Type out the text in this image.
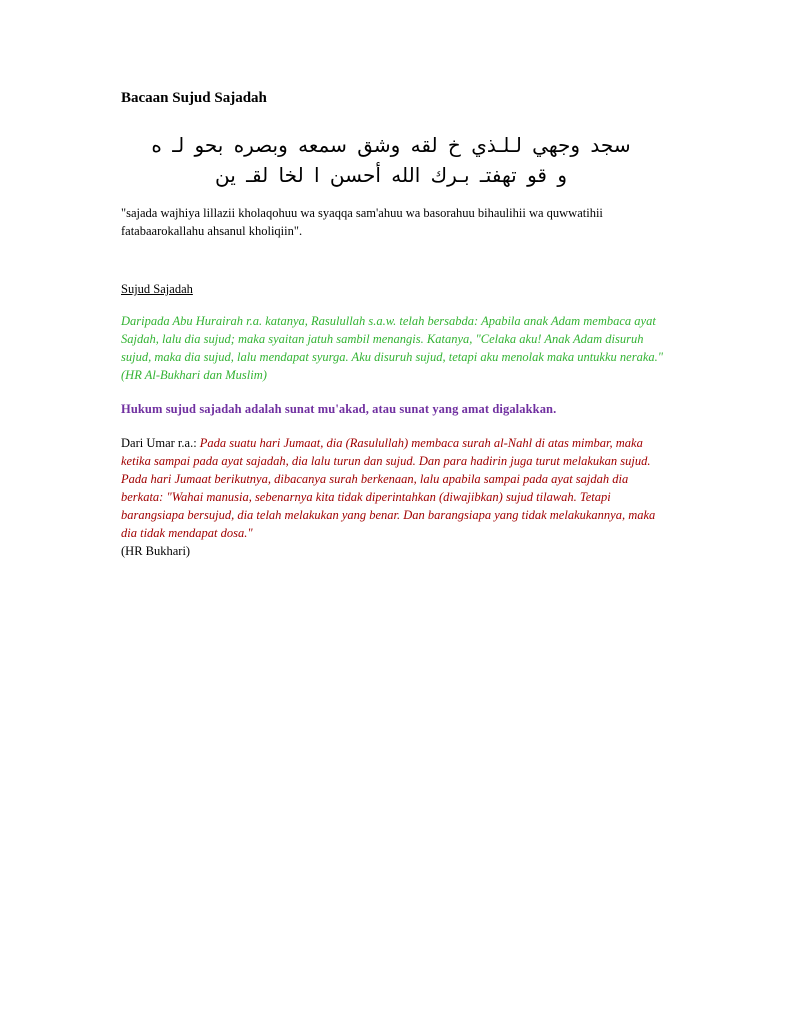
Bacaan Sujud Sajadah
سجد وجهي لـلـذي خ لقه وشق سمعه وبصره بحو لـ ه
و قو تهفتـ بـرك الله أحسن ا لخا لقـ ين

"sajada wajhiya lillazii kholaqohuu wa syaqqa sam'ahuu wa basorahuu bihaulihii wa quwwatihii fatabaarokallahu ahsanul kholiqiin".

Sujud Sajadah

Daripada Abu Hurairah r.a. katanya, Rasulullah s.a.w. telah bersabda: Apabila anak Adam membaca ayat Sajdah, lalu dia sujud; maka syaitan jatuh sambil menangis. Katanya, "Celaka aku! Anak Adam disuruh sujud, maka dia sujud, lalu mendapat syurga. Aku disuruh sujud, tetapi aku menolak maka untukku neraka." (HR Al-Bukhari dan Muslim)

Hukum sujud sajadah adalah sunat mu'akad, atau sunat yang amat digalakkan.

Dari Umar r.a.: Pada suatu hari Jumaat, dia (Rasulullah) membaca surah al-Nahl di atas mimbar, maka ketika sampai pada ayat sajadah, dia lalu turun dan sujud. Dan para hadirin juga turut melakukan sujud. Pada hari Jumaat berikutnya, dibacanya surah berkenaan, lalu apabila sampai pada ayat sajdah dia berkata: "Wahai manusia, sebenarnya kita tidak diperintahkan (diwajibkan) sujud tilawah. Tetapi barangsiapa bersujud, dia telah melakukan yang benar. Dan barangsiapa yang tidak melakukannya, maka dia tidak mendapat dosa."
(HR Bukhari)
